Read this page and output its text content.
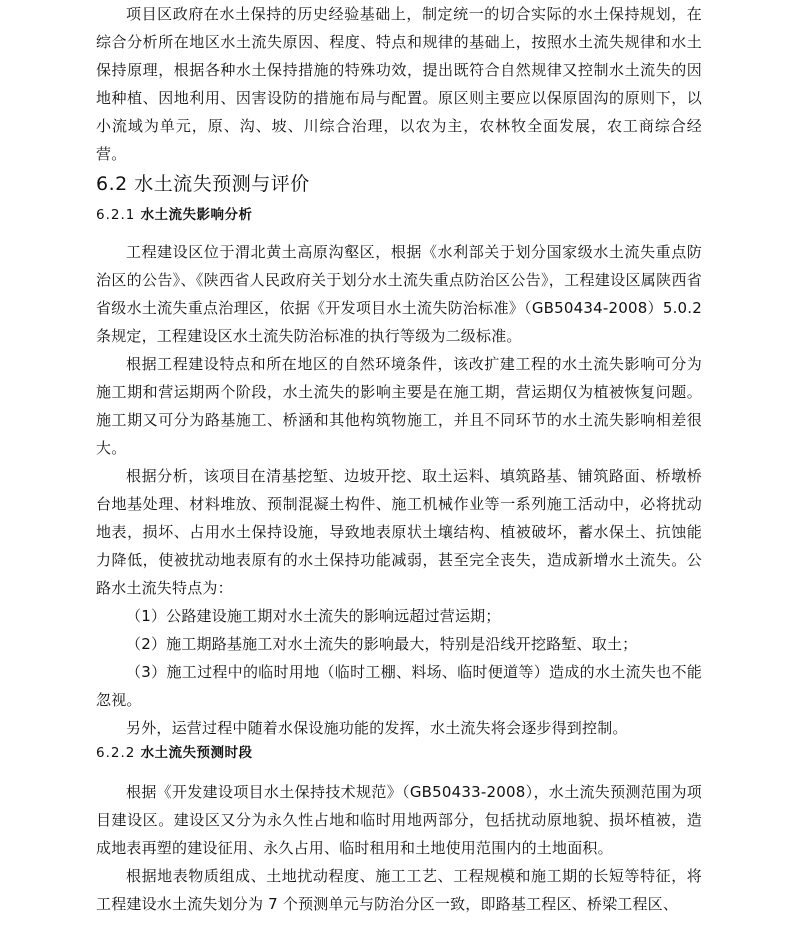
项目区政府在水土保持的历史经验基础上，制定统一的切合实际的水土保持规划，在综合分析所在地区水土流失原因、程度、特点和规律的基础上，按照水土流失规律和水土保持原理，根据各种水土保持措施的特殊功效，提出既符合自然规律又控制水土流失的因地种植、因地利用、因害设防的措施布局与配置。原区则主要应以保原固沟的原则下，以小流域为单元，原、沟、坡、川综合治理，以农为主，农林牧全面发展，农工商综合经营。

6.2 水土流失预测与评价
6.2.1 水土流失影响分析

工程建设区位于渭北黄土高原沟壑区，根据《水利部关于划分国家级水土流失重点防治区的公告》、《陕西省人民政府关于划分水土流失重点防治区公告》，工程建设区属陕西省省级水土流失重点治理区，依据《开发项目水土流失防治标准》（GB50434-2008）5.0.2 条规定，工程建设区水土流失防治标准的执行等级为二级标准。

根据工程建设特点和所在地区的自然环境条件，该改扩建工程的水土流失影响可分为施工期和营运期两个阶段，水土流失的影响主要是在施工期，营运期仅为植被恢复问题。施工期又可分为路基施工、桥涵和其他构筑物施工，并且不同环节的水土流失影响相差很大。

根据分析，该项目在清基挖堑、边坡开挖、取土运料、填筑路基、铺筑路面、桥墩桥台地基处理、材料堆放、预制混凝土构件、施工机械作业等一系列施工活动中，必将扰动地表，损坏、占用水土保持设施，导致地表原状土壤结构、植被破坏，蓄水保土、抗蚀能力降低，使被扰动地表原有的水土保持功能减弱，甚至完全丧失，造成新增水土流失。公路水土流失特点为：

（1）公路建设施工期对水土流失的影响远超过营运期；

（2）施工期路基施工对水土流失的影响最大，特别是沿线开挖路堑、取土；

（3）施工过程中的临时用地（临时工棚、料场、临时便道等）造成的水土流失也不能忽视。

另外，运营过程中随着水保设施功能的发挥，水土流失将会逐步得到控制。

6.2.2 水土流失预测时段

根据《开发建设项目水土保持技术规范》（GB50433-2008），水土流失预测范围为项目建设区。建设区又分为永久性占地和临时用地两部分，包括扰动原地貌、损坏植被，造成地表再塑的建设征用、永久占用、临时租用和土地使用范围内的土地面积。

根据地表物质组成、土地扰动程度、施工工艺、工程规模和施工期的长短等特征，将工程建设水土流失划分为 7 个预测单元与防治分区一致，即路基工程区、桥梁工程区、
